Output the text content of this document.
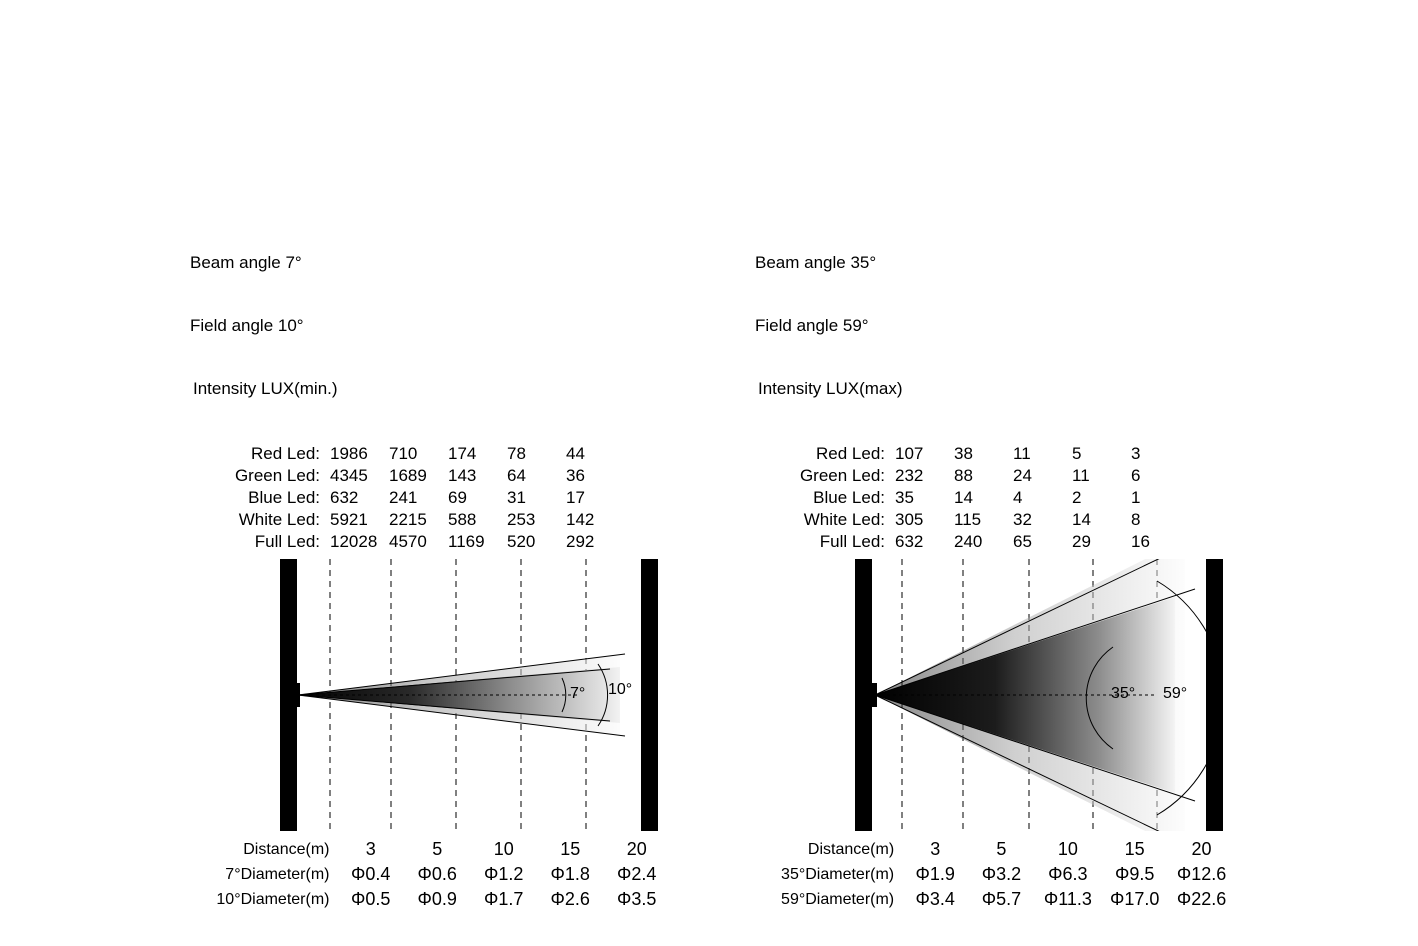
Beam angle 7°

Field angle 10°

Intensity LUX(min.)

Red Led:	1986	710	174	78	44
Green Led:	4345	1689	143	64	36
Blue Led:	632	241	69	31	17
White Led:	5921	2215	588	253	142
Full Led:	12028	4570	1169	520	292
7° 10°
Distance(m)	3	5	10	15	20
7°Diameter(m)	Φ0.4	Φ0.6	Φ1.2	Φ1.8	Φ2.4
10°Diameter(m)	Φ0.5	Φ0.9	Φ1.7	Φ2.6	Φ3.5

Beam angle 35°

Field angle 59°

Intensity LUX(max)

Red Led:	107	38	11	5	3
Green Led:	232	88	24	11	6
Blue Led:	35	14	4	2	1
White Led:	305	115	32	14	8
Full Led:	632	240	65	29	16
35° 59°
Distance(m)	3	5	10	15	20
35°Diameter(m)	Φ1.9	Φ3.2	Φ6.3	Φ9.5	Φ12.6
59°Diameter(m)	Φ3.4	Φ5.7	Φ11.3	Φ17.0	Φ22.6
